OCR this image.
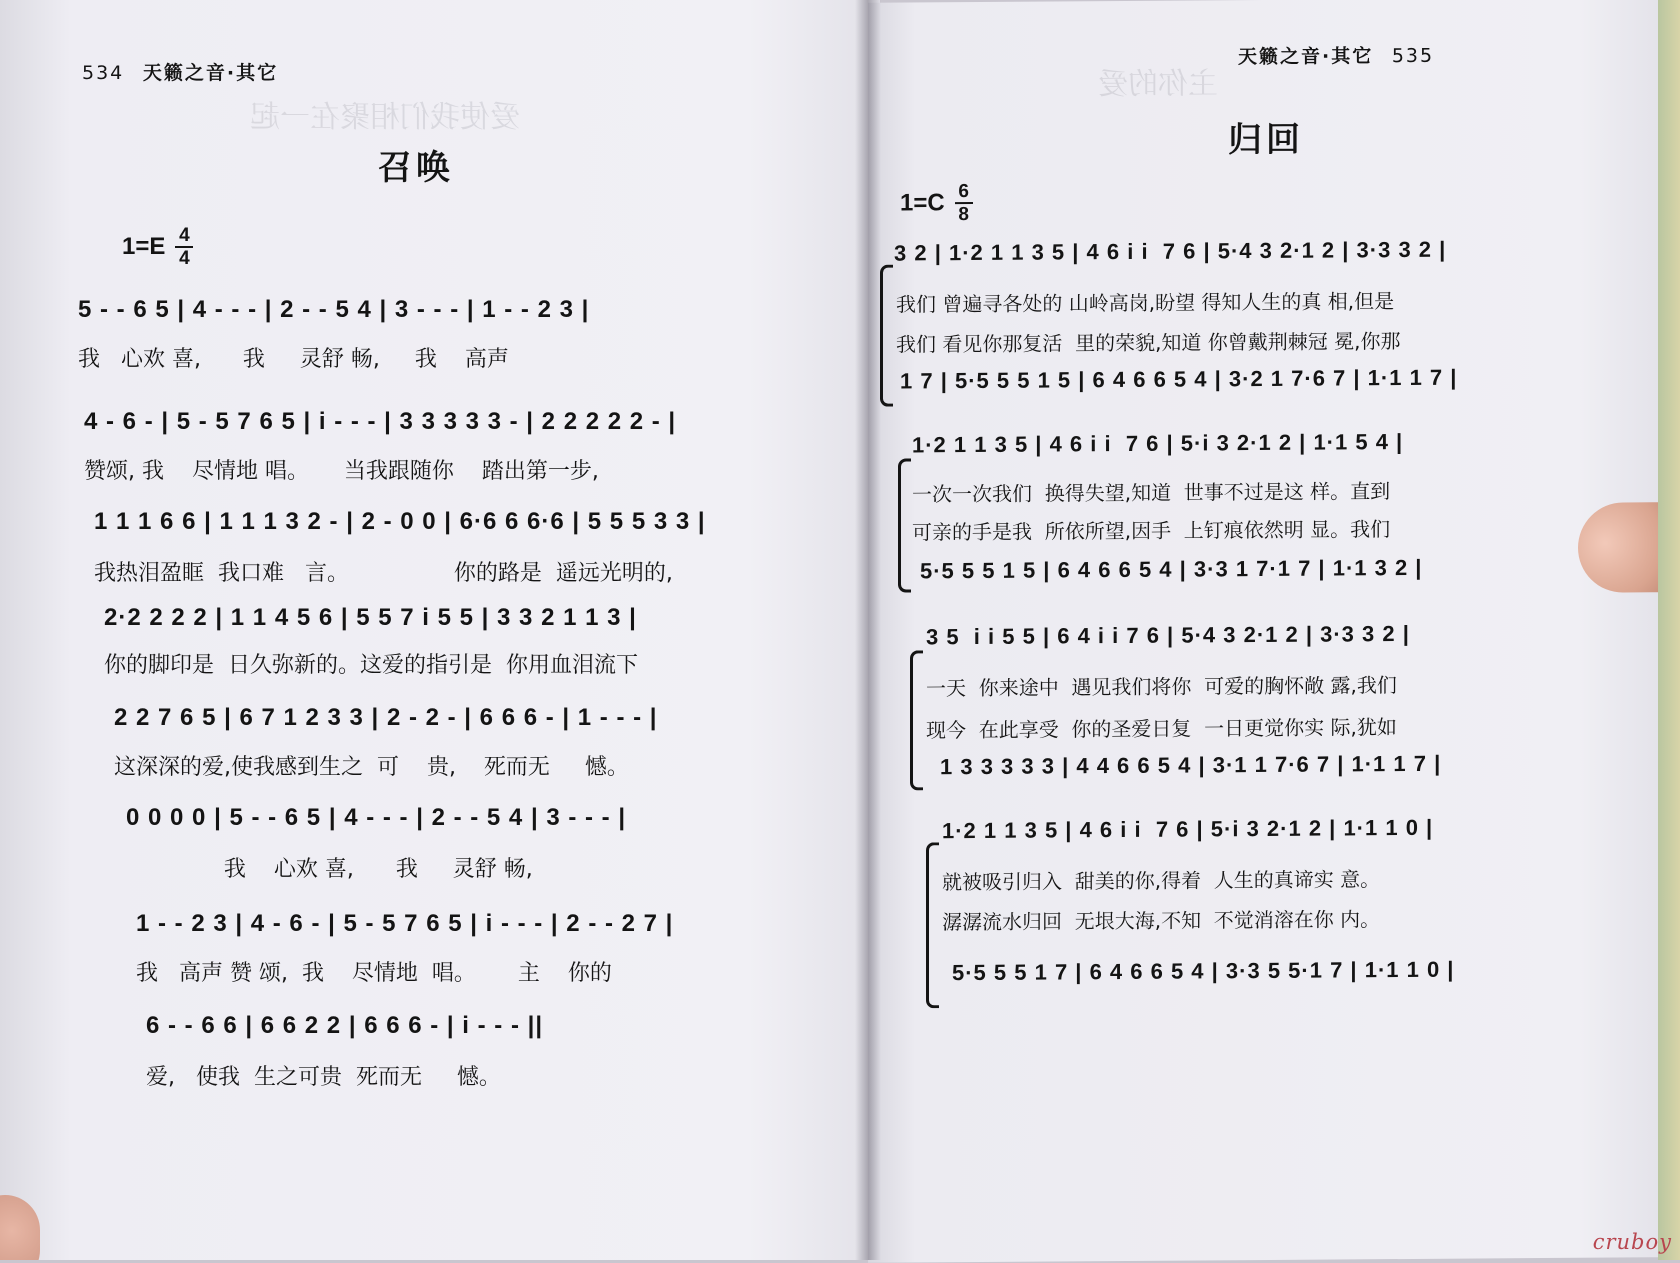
爱使我们相聚在一起
534 天籁之音·其它
召唤
$1=E \frac{4}{4}$
5 - - 6 5 | 4 - - - | 2 - - 5 4 | 3 - - - | 1 - - 2 3 |
我   心欢 喜,      我     灵舒 畅,     我    高声
4 - 6 - | 5 - 5 7 6 5 | i - - - | 3 3 3 3 3 - | 2 2 2 2 2 - |
赞颂, 我    尽情地 唱。     当我跟随你    踏出第一步,
1 1 1 6 6 | 1 1 1 3 2 - | 2 - 0 0 | 6·6 6 6·6 | 5 5 5 3 3 |
我热泪盈眶  我口难   言。               你的路是  遥远光明的,
2·2 2 2 2 | 1 1 4 5 6 | 5 5 7 i 5 5 | 3 3 2 1 1 3 |
你的脚印是  日久弥新的。这爱的指引是  你用血泪流下
2 2 7 6 5 | 6 7 1 2 3 3 | 2 - 2 - | 6 6 6 - | 1 - - - |
这深深的爱,使我感到生之  可    贵,    死而无     憾。
0 0 0 0 | 5 - - 6 5 | 4 - - - | 2 - - 5 4 | 3 - - - |
我    心欢 喜,      我     灵舒 畅,
1 - - 2 3 | 4 - 6 - | 5 - 5 7 6 5 | i - - - | 2 - - 2 7 |
我   高声 赞 颂,  我    尽情地  唱。      主    你的
6 - - 6 6 | 6 6 2 2 | 6 6 6 - | i - - - ||
爱,   使我  生之可贵  死而无     憾。
主你的爱
天籁之音·其它 535
归回
$1=C \frac{6}{8}$
3 2 | 1·2 1 1 3 5 | 4 6 i i  7 6 | 5·4 3 2·1 2 | 3·3 3 2 |
我们 曾遍寻各处的 山岭高岗,盼望 得知人生的真 相,但是
我们 看见你那复活  里的荣貌,知道 你曾戴荆棘冠 冕,你那
1 7 | 5·5 5 5 1 5 | 6 4 6 6 5 4 | 3·2 1 7·6 7 | 1·1 1 7 |
1·2 1 1 3 5 | 4 6 i i  7 6 | 5·i 3 2·1 2 | 1·1 5 4 |
一次一次我们  换得失望,知道  世事不过是这 样。直到
可亲的手是我  所依所望,因手  上钉痕依然明 显。我们
5·5 5 5 1 5 | 6 4 6 6 5 4 | 3·3 1 7·1 7 | 1·1 3 2 |
3 5  i i 5 5 | 6 4 i i 7 6 | 5·4 3 2·1 2 | 3·3 3 2 |
一天  你来途中  遇见我们将你  可爱的胸怀敞 露,我们
现今  在此享受  你的圣爱日复  一日更觉你实 际,犹如
1 3 3 3 3 3 | 4 4 6 6 5 4 | 3·1 1 7·6 7 | 1·1 1 7 |
1·2 1 1 3 5 | 4 6 i i  7 6 | 5·i 3 2·1 2 | 1·1 1 0 |
就被吸引归入  甜美的你,得着  人生的真谛实 意。
潺潺流水归回  无垠大海,不知  不觉消溶在你 内。
5·5 5 5 1 7 | 6 4 6 6 5 4 | 3·3 5 5·1 7 | 1·1 1 0 |
cruboy
